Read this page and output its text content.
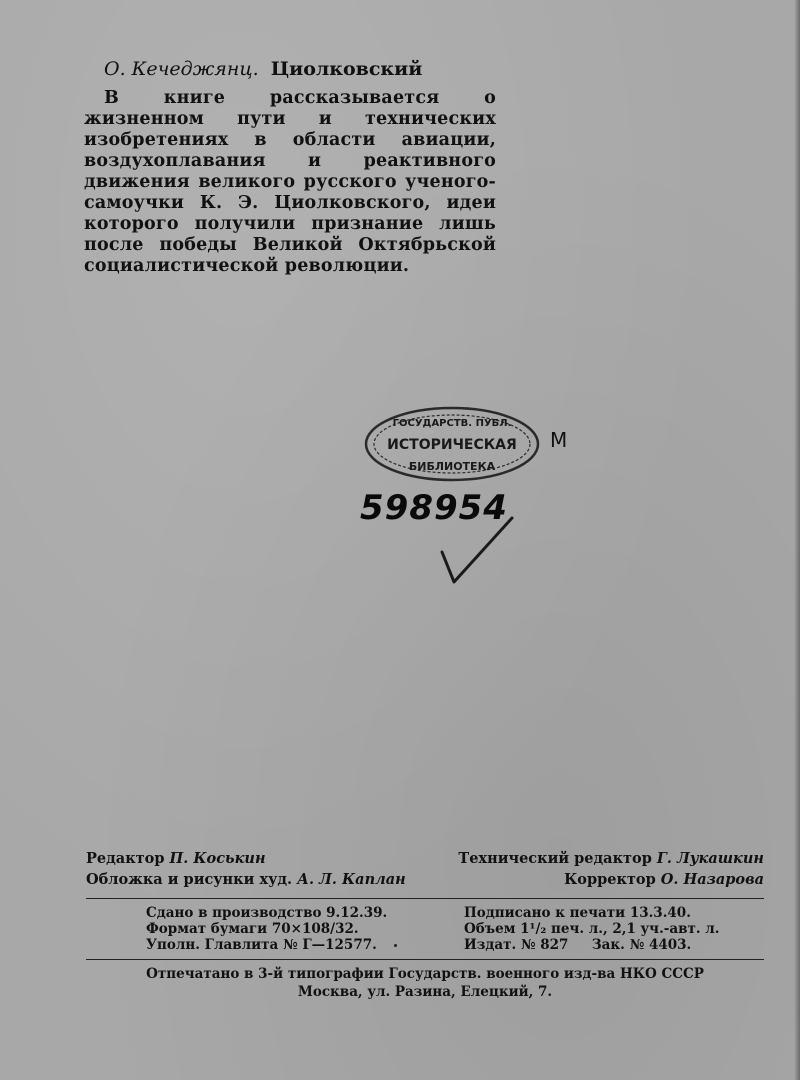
О. Кечеджянц. Циолковский
В книге рассказывается о жизненном пути и технических изобретениях в области авиации, воздухоплавания и реактивного движения великого русского ученого-самоучки К. Э. Циолковского, идеи которого получили признание лишь после победы Великой Октябрьской социалистической революции.
ГОСУДАРСТВ. ПУБЛ.
ИСТОРИЧЕСКАЯ
БИБЛИОТЕКА
М
598954
Редактор П. Коськин	Технический редактор Г. Лукашкин
Обложка и рисунки худ. А. Л. Каплан	Корректор О. Назарова
Сдано в производство 9.12.39.
Формат бумаги 70×108/32.
Уполн. Главлита № Г—12577.
Подписано к печати 13.3.40.
Объем 1¹/₂ печ. л., 2,1 уч.-авт. л.
Издат. № 827     Зак. № 4403.
Отпечатано в 3-й типографии Государств. военного изд-ва НКО СССР
Москва, ул. Разина, Елецкий, 7.
